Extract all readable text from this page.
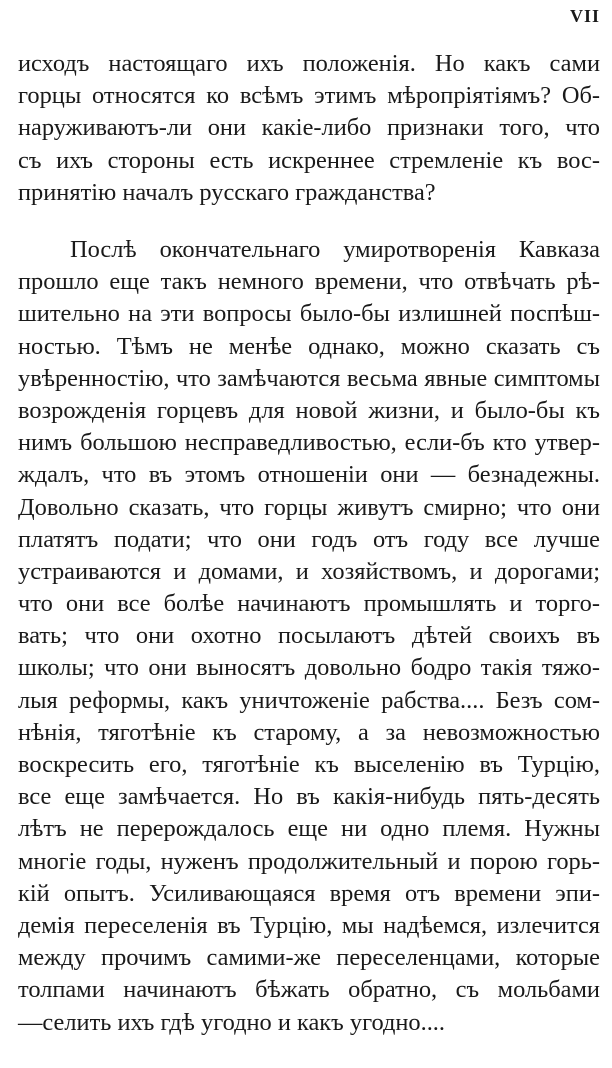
VII
исходъ настоящаго ихъ положенія. Но какъ сами
горцы относятся ко всѣмъ этимъ мѣропріятіямъ? Об-
наруживаютъ-ли они какіе-либо признаки того, что
съ ихъ стороны есть искреннее стремленіе къ вос-
принятію началъ русскаго гражданства?
Послѣ окончательнаго умиротворенія Кавказа
прошло еще такъ немного времени, что отвѣчать рѣ-
шительно на эти вопросы было-бы излишней поспѣш-
ностью. Тѣмъ не менѣе однако, можно сказать съ
увѣренностію, что замѣчаются весьма явные симптомы
возрожденія горцевъ для новой жизни, и было-бы къ
нимъ большою несправедливостью, если-бъ кто утвер-
ждалъ, что въ этомъ отношеніи они — безнадежны.
Довольно сказать, что горцы живутъ смирно; что они
платятъ подати; что они годъ отъ году все лучше
устраиваются и домами, и хозяйствомъ, и дорогами;
что они все болѣе начинаютъ промышлять и торго-
вать; что они охотно посылаютъ дѣтей своихъ въ
школы; что они выносятъ довольно бодро такія тяжо-
лыя реформы, какъ уничтоженіе рабства.... Безъ сом-
нѣнія, тяготѣніе къ старому, а за невозможностью
воскресить его, тяготѣніе къ выселенію въ Турцію,
все еще замѣчается. Но въ какія-нибудь пять-десять
лѣтъ не перерождалось еще ни одно племя. Нужны
многіе годы, нуженъ продолжительный и порою горь-
кій опытъ. Усиливающаяся время отъ времени эпи-
демія переселенія въ Турцію, мы надѣемся, излечится
между прочимъ самими-же переселенцами, которые
толпами начинаютъ бѣжать обратно, съ мольбами
—селить ихъ гдѣ угодно и какъ угодно....
